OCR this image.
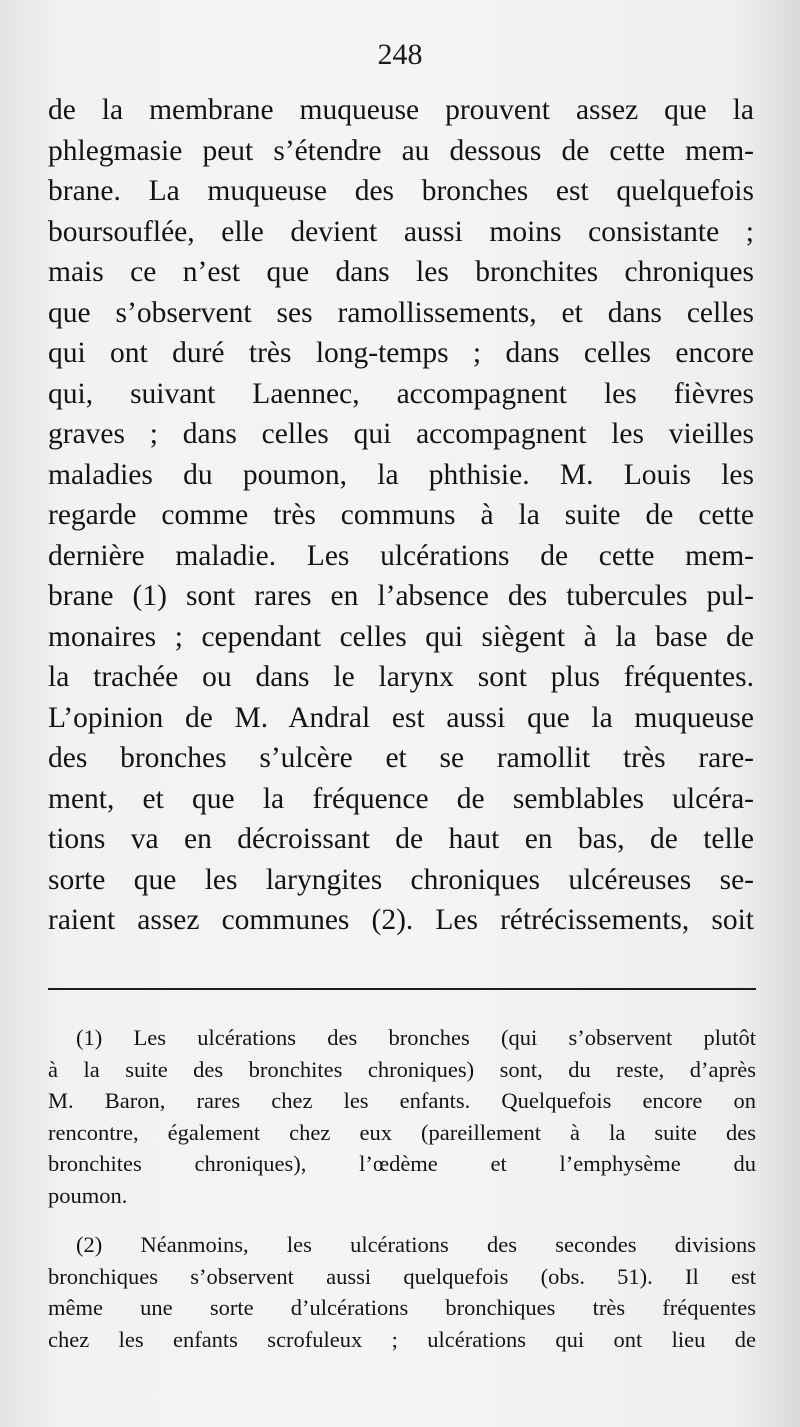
248
de la membrane muqueuse prouvent assez que la
phlegmasie peut s’étendre au dessous de cette mem-
brane. La muqueuse des bronches est quelquefois
boursouflée, elle devient aussi moins consistante ;
mais ce n’est que dans les bronchites chroniques
que s’observent ses ramollissements, et dans celles
qui ont duré très long-temps ; dans celles encore
qui, suivant Laennec, accompagnent les fièvres
graves ; dans celles qui accompagnent les vieilles
maladies du poumon, la phthisie. M. Louis les
regarde comme très communs à la suite de cette
dernière maladie. Les ulcérations de cette mem-
brane (1) sont rares en l’absence des tubercules pul-
monaires ; cependant celles qui siègent à la base de
la trachée ou dans le larynx sont plus fréquentes.
L’opinion de M. Andral est aussi que la muqueuse
des bronches s’ulcère et se ramollit très rare-
ment, et que la fréquence de semblables ulcéra-
tions va en décroissant de haut en bas, de telle
sorte que les laryngites chroniques ulcéreuses se-
raient assez communes (2). Les rétrécissements, soit
(1) Les ulcérations des bronches (qui s’observent plutôt
à la suite des bronchites chroniques) sont, du reste, d’après
M. Baron, rares chez les enfants. Quelquefois encore on
rencontre, également chez eux (pareillement à la suite des
bronchites chroniques), l’œdème et l’emphysème du
poumon.
(2) Néanmoins, les ulcérations des secondes divisions
bronchiques s’observent aussi quelquefois (obs. 51). Il est
même une sorte d’ulcérations bronchiques très fréquentes
chez les enfants scrofuleux ; ulcérations qui ont lieu de
